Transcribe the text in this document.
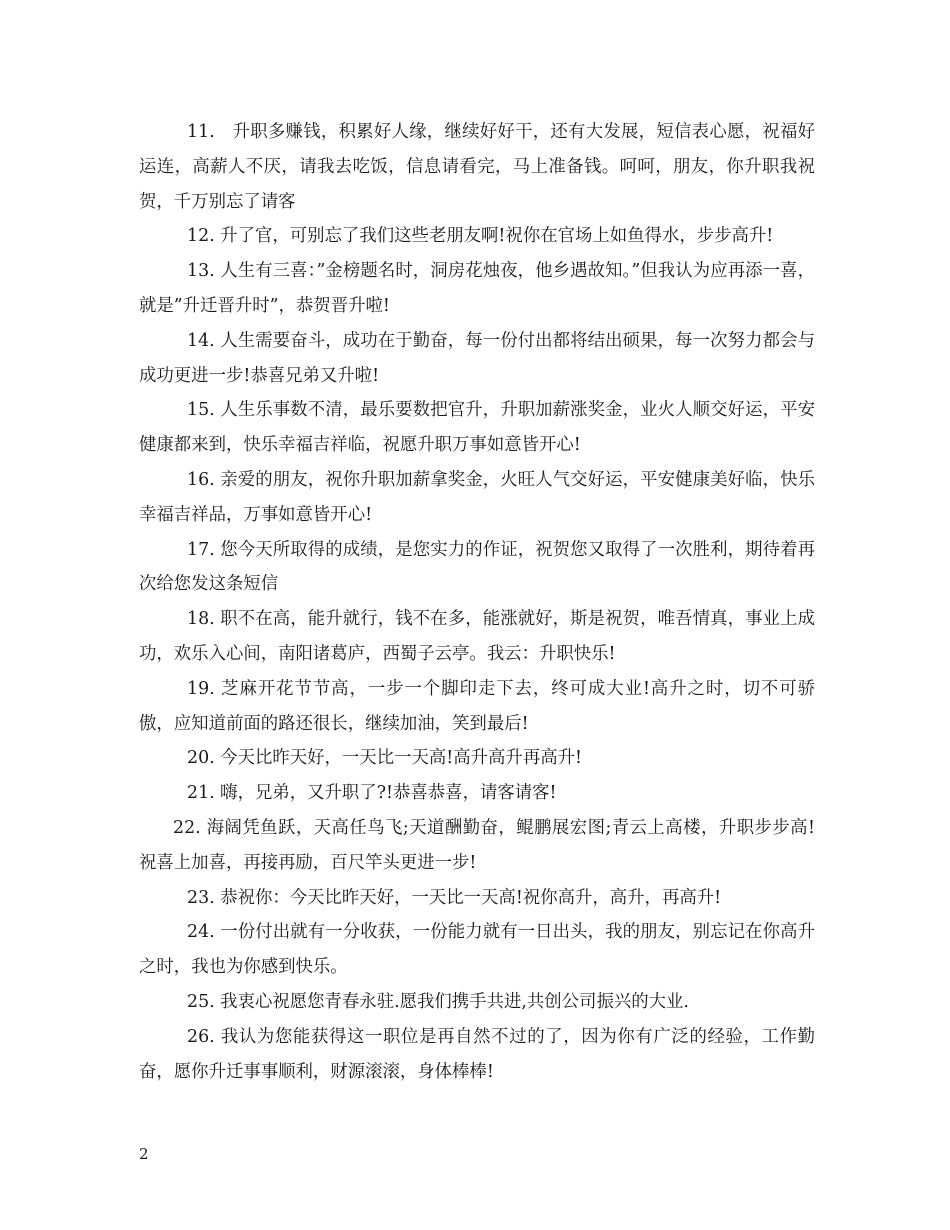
11.　升职多赚钱，积累好人缘，继续好好干，还有大发展，短信表心愿，祝福好运连，高薪人不厌，请我去吃饭，信息请看完，马上准备钱。呵呵，朋友，你升职我祝贺，千万别忘了请客

12. 升了官，可别忘了我们这些老朋友啊!祝你在官场上如鱼得水，步步高升!

13. 人生有三喜：”金榜题名时，洞房花烛夜，他乡遇故知。”但我认为应再添一喜，就是”升迁晋升时”，恭贺晋升啦!

14. 人生需要奋斗，成功在于勤奋，每一份付出都将结出硕果，每一次努力都会与成功更进一步!恭喜兄弟又升啦!

15. 人生乐事数不清，最乐要数把官升，升职加薪涨奖金，业火人顺交好运，平安健康都来到，快乐幸福吉祥临，祝愿升职万事如意皆开心!

16. 亲爱的朋友，祝你升职加薪拿奖金，火旺人气交好运，平安健康美好临，快乐幸福吉祥品，万事如意皆开心!

17. 您今天所取得的成绩，是您实力的作证，祝贺您又取得了一次胜利，期待着再次给您发这条短信

18. 职不在高，能升就行，钱不在多，能涨就好，斯是祝贺，唯吾情真，事业上成功，欢乐入心间，南阳诸葛庐，西蜀子云亭。我云：升职快乐!

19. 芝麻开花节节高，一步一个脚印走下去，终可成大业!高升之时，切不可骄傲，应知道前面的路还很长，继续加油，笑到最后!

20. 今天比昨天好，一天比一天高!高升高升再高升!

21. 嗨，兄弟，又升职了?!恭喜恭喜，请客请客!

22. 海阔凭鱼跃，天高任鸟飞;天道酬勤奋，鲲鹏展宏图;青云上高楼，升职步步高!祝喜上加喜，再接再励，百尺竿头更进一步!

23. 恭祝你：今天比昨天好，一天比一天高!祝你高升，高升，再高升!

24. 一份付出就有一分收获，一份能力就有一日出头，我的朋友，别忘记在你高升之时，我也为你感到快乐。

25. 我衷心祝愿您青春永驻.愿我们携手共进,共创公司振兴的大业.

26. 我认为您能获得这一职位是再自然不过的了，因为你有广泛的经验，工作勤奋，愿你升迁事事顺利，财源滚滚，身体棒棒!

2
